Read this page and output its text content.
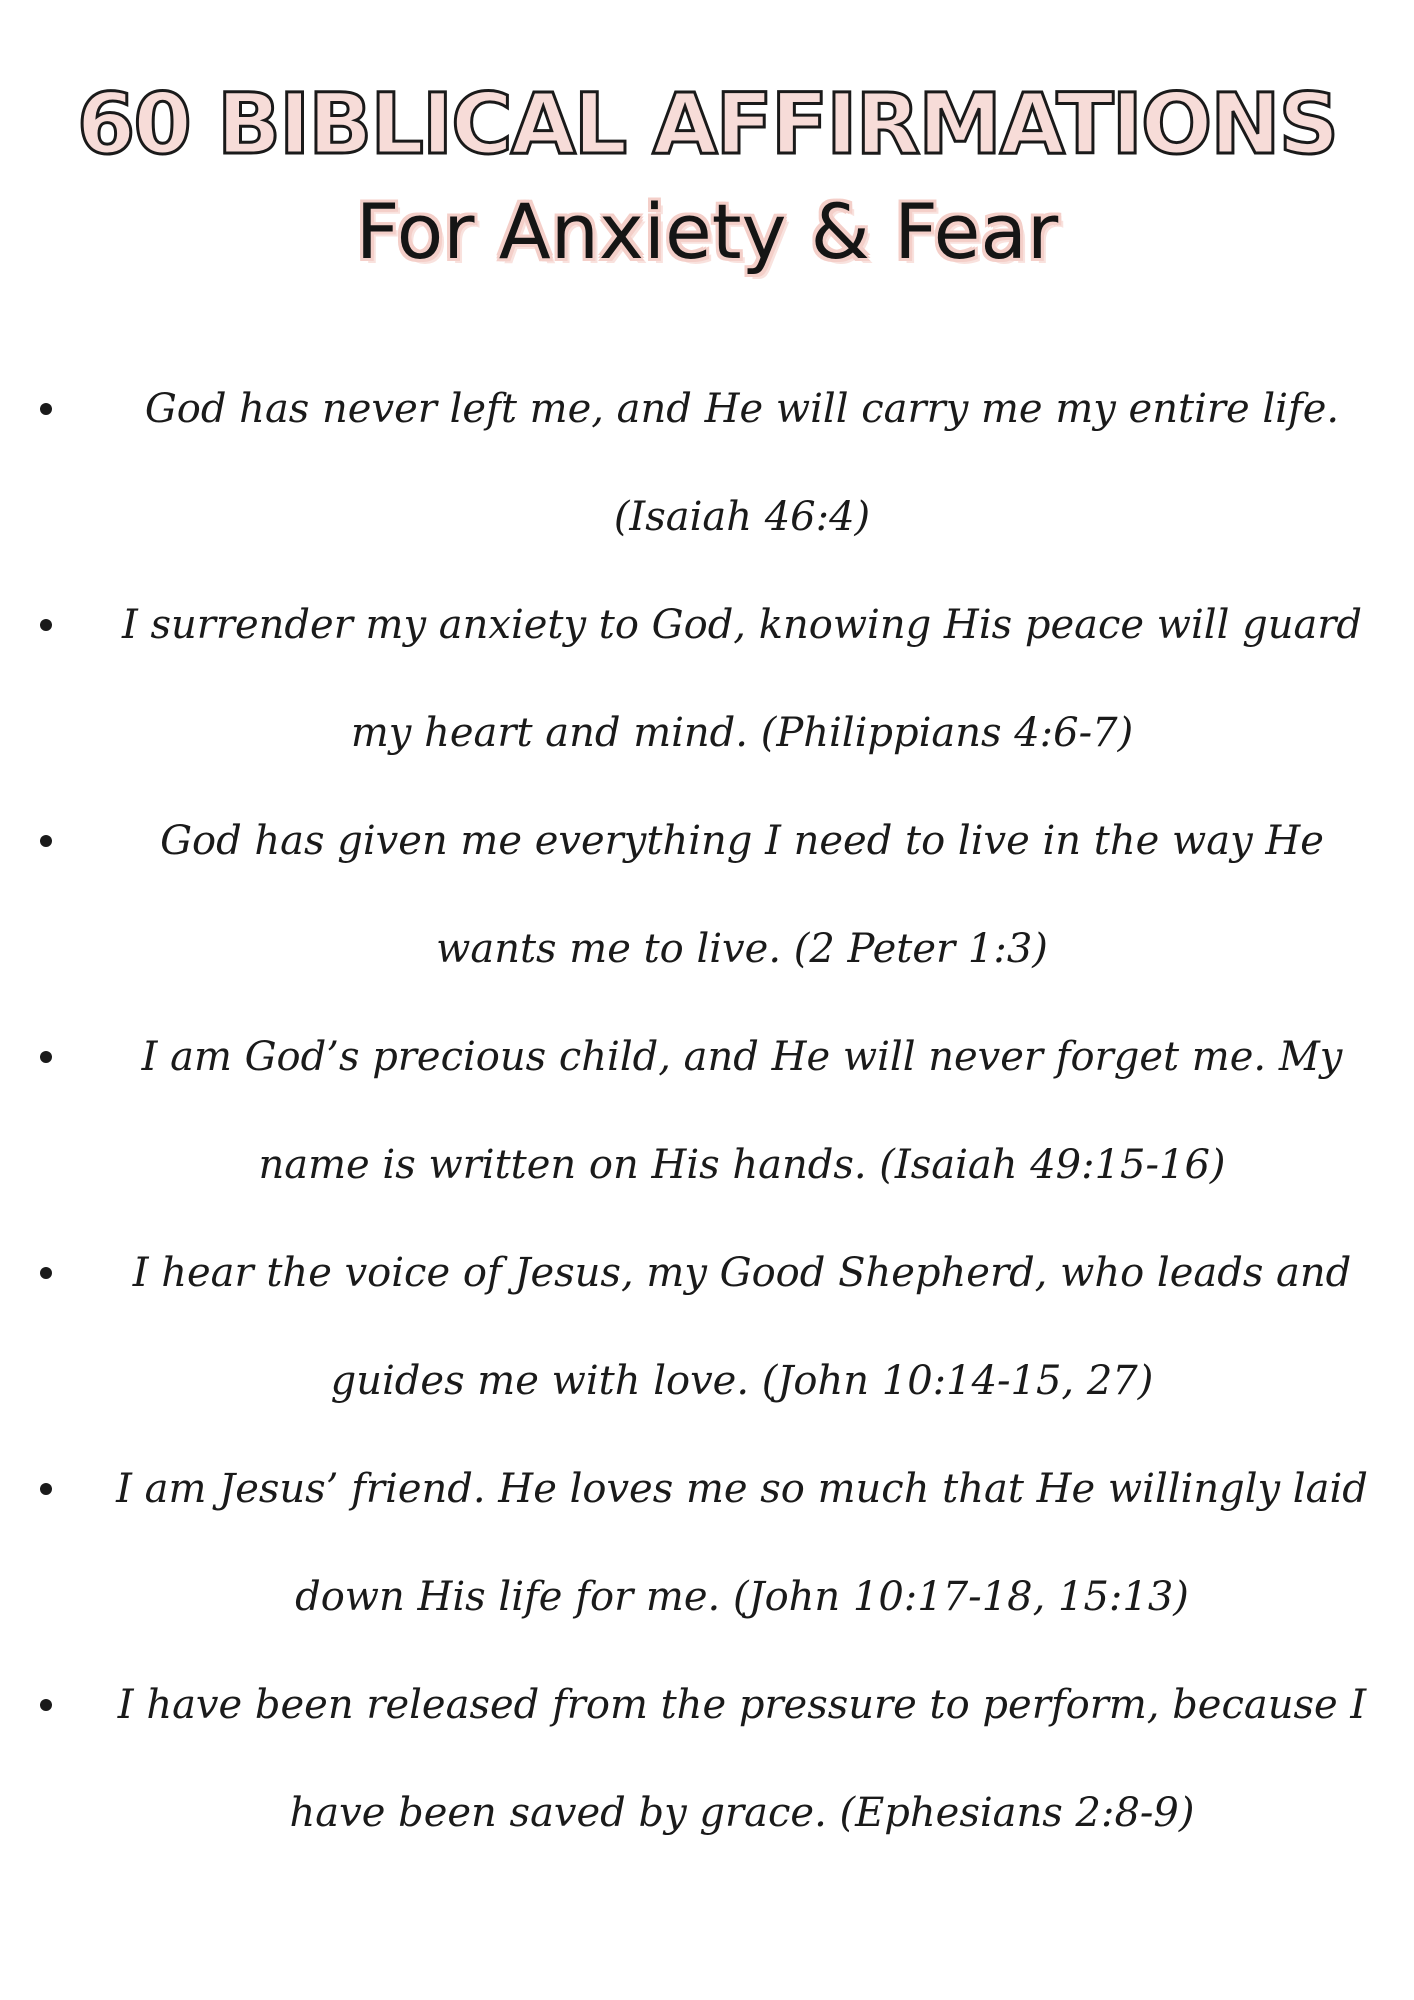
60 BIBLICAL AFFIRMATIONS
For Anxiety & Fear
God has never left me, and He will carry me my entire life. (Isaiah 46:4)
I surrender my anxiety to God, knowing His peace will guard my heart and mind. (Philippians 4:6-7)
God has given me everything I need to live in the way He wants me to live. (2 Peter 1:3)
I am God’s precious child, and He will never forget me. My name is written on His hands. (Isaiah 49:15-16)
I hear the voice of Jesus, my Good Shepherd, who leads and guides me with love. (John 10:14-15, 27)
I am Jesus’ friend. He loves me so much that He willingly laid down His life for me. (John 10:17-18, 15:13)
I have been released from the pressure to perform, because I have been saved by grace. (Ephesians 2:8-9)
